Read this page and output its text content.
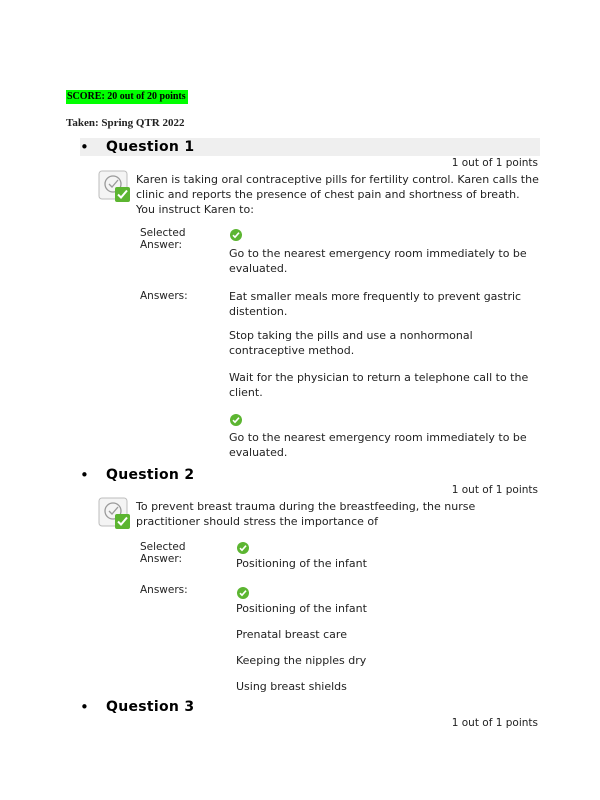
SCORE: 20 out of 20 points
Taken: Spring QTR 2022
• Question 1
1 out of 1 points
Karen is taking oral contraceptive pills for fertility control. Karen calls the clinic and reports the presence of chest pain and shortness of breath. You instruct Karen to:
Selected
Answer:
Go to the nearest emergency room immediately to be evaluated.
Answers:	Eat smaller meals more frequently to prevent gastric distention.
Stop taking the pills and use a nonhormonal contraceptive method.
Wait for the physician to return a telephone call to the client.
Go to the nearest emergency room immediately to be evaluated.
• Question 2
1 out of 1 points
To prevent breast trauma during the breastfeeding, the nurse practitioner should stress the importance of
Selected
Answer:	Positioning of the infant
Answers:
Positioning of the infant
Prenatal breast care
Keeping the nipples dry
Using breast shields
• Question 3
1 out of 1 points
